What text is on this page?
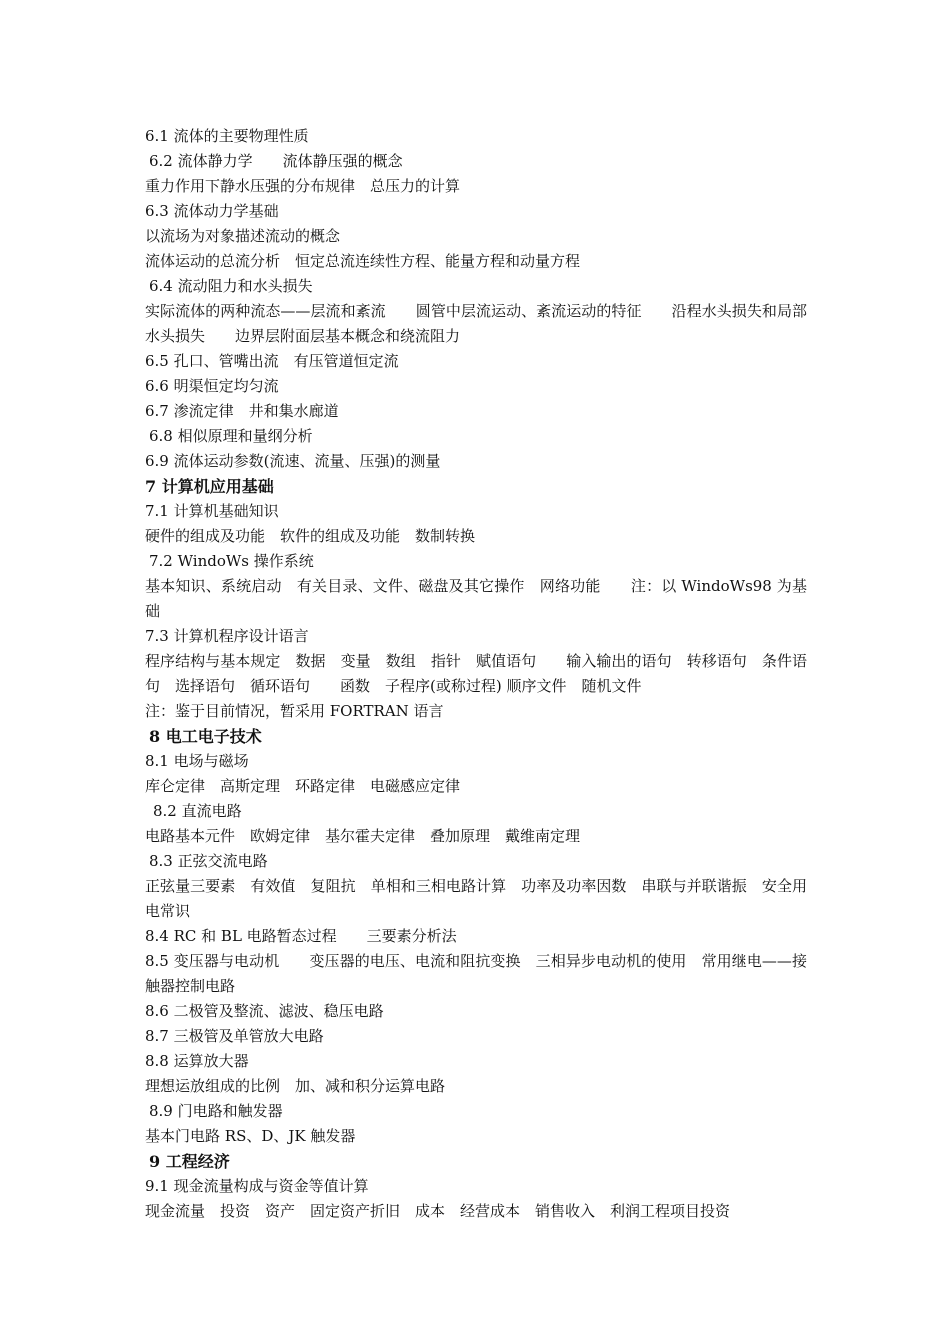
6.1 流体的主要物理性质
6.2 流体静力学　　流体静压强的概念
重力作用下静水压强的分布规律　总压力的计算
6.3 流体动力学基础
以流场为对象描述流动的概念
流体运动的总流分析　恒定总流连续性方程、能量方程和动量方程
6.4 流动阻力和水头损失
实际流体的两种流态——层流和紊流　　圆管中层流运动、紊流运动的特征　　沿程水头损失和局部水头损失　　边界层附面层基本概念和绕流阻力
6.5 孔口、管嘴出流　有压管道恒定流
6.6 明渠恒定均匀流
6.7 渗流定律　井和集水廊道
6.8 相似原理和量纲分析
6.9 流体运动参数(流速、流量、压强)的测量
7 计算机应用基础
7.1 计算机基础知识
硬件的组成及功能　软件的组成及功能　数制转换
7.2 WindoWs 操作系统
基本知识、系统启动　有关目录、文件、磁盘及其它操作　网络功能　　注：以 WindoWs98 为基础
7.3 计算机程序设计语言
程序结构与基本规定　数据　变量　数组　指针　赋值语句　　输入输出的语句　转移语句　条件语句　选择语句　循环语句　　函数　子程序(或称过程) 顺序文件　随机文件
注：鉴于目前情况，暂采用 FORTRAN 语言
8 电工电子技术
8.1 电场与磁场
库仑定律　高斯定理　环路定律　电磁感应定律
8.2 直流电路
电路基本元件　欧姆定律　基尔霍夫定律　叠加原理　戴维南定理
8.3 正弦交流电路
正弦量三要素　有效值　复阻抗　单相和三相电路计算　功率及功率因数　串联与并联谐振　安全用电常识
8.4 RC 和 BL 电路暂态过程　　三要素分析法
8.5 变压器与电动机　　变压器的电压、电流和阻抗变换　三相异步电动机的使用　常用继电——接触器控制电路
8.6 二极管及整流、滤波、稳压电路
8.7 三极管及单管放大电路
8.8 运算放大器
理想运放组成的比例　加、减和积分运算电路
8.9 门电路和触发器
基本门电路 RS、D、JK 触发器
9 工程经济
9.1 现金流量构成与资金等值计算
现金流量　投资　资产　固定资产折旧　成本　经营成本　销售收入　利润工程项目投资
